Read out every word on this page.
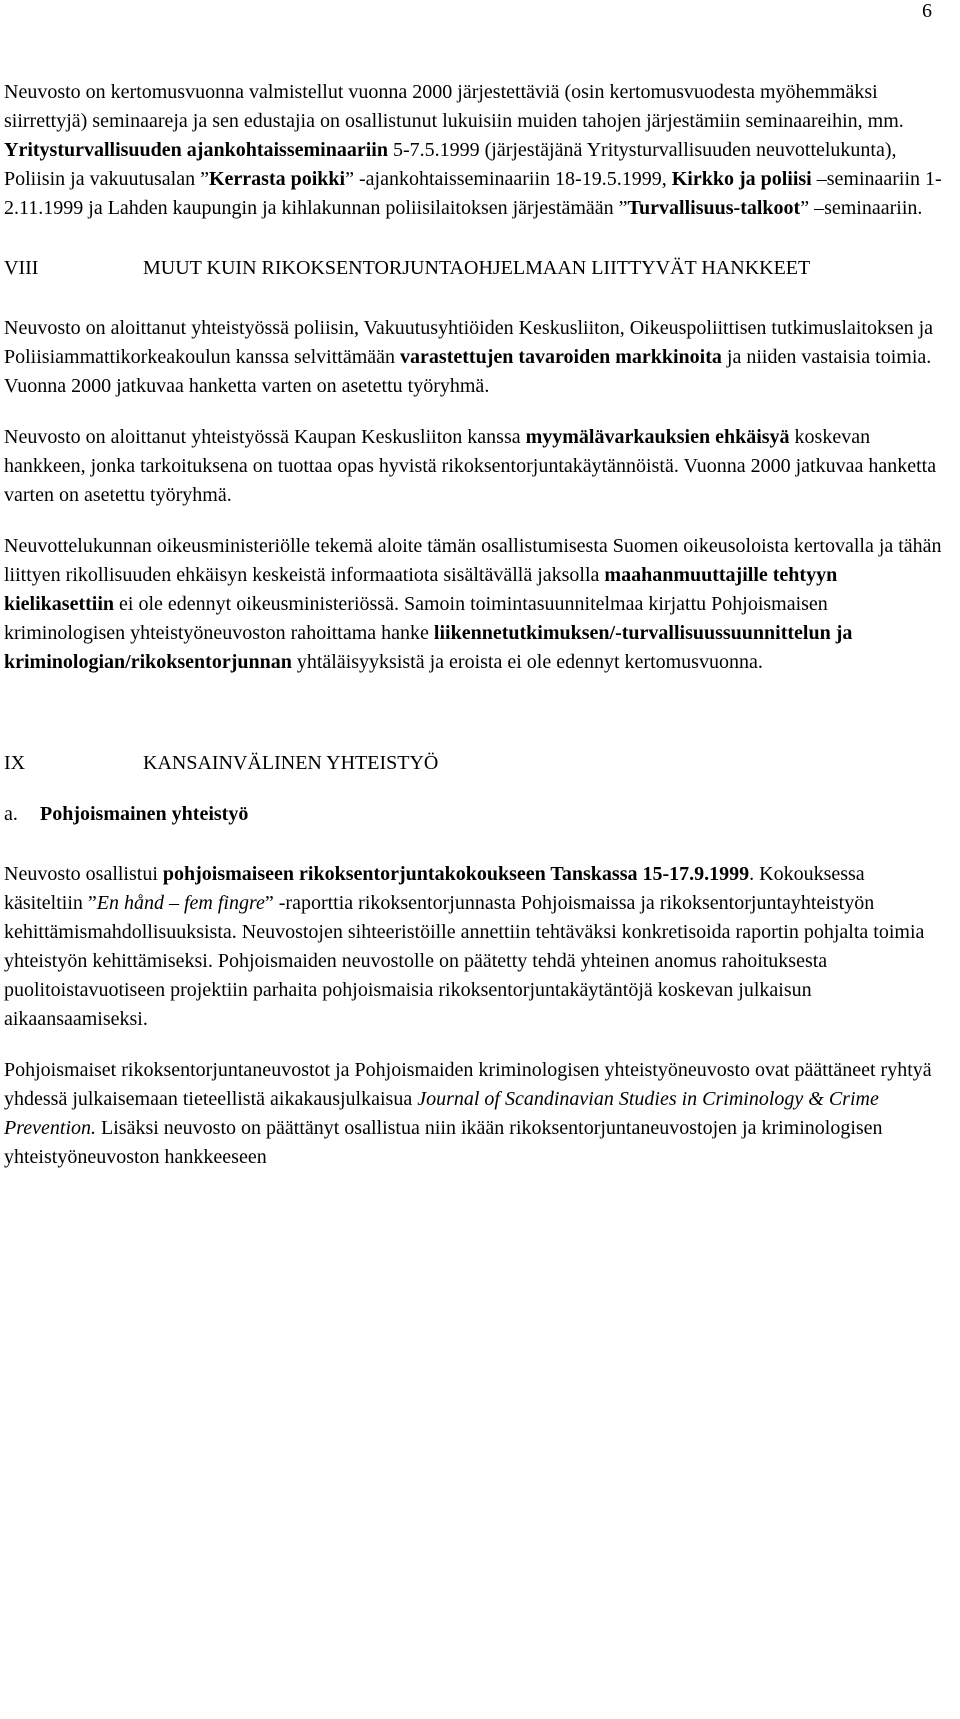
6

Neuvosto on kertomusvuonna valmistellut vuonna 2000 järjestettäviä (osin kertomusvuodesta myöhemmäksi siirrettyjä) seminaareja ja sen edustajia on osallistunut lukuisiin muiden tahojen järjestämiin seminaareihin, mm. Yritysturvallisuuden ajankohtaisseminaariin 5-7.5.1999 (järjestäjänä Yritysturvallisuuden neuvottelukunta), Poliisin ja vakuutusalan ”Kerrasta poikki” -ajankohtaisseminaariin 18-19.5.1999, Kirkko ja poliisi –seminaariin 1-2.11.1999 ja Lahden kaupungin ja kihlakunnan poliisilaitoksen järjestämään ”Turvallisuus-talkoot” –seminaariin.

VIII	MUUT KUIN RIKOKSENTORJUNTAOHJELMAAN LIITTYVÄT HANKKEET

Neuvosto on aloittanut yhteistyössä poliisin, Vakuutusyhtiöiden Keskusliiton, Oikeuspoliittisen tutkimuslaitoksen ja Poliisiammattikorkeakoulun kanssa selvittämään varastettujen tavaroiden markkinoita ja niiden vastaisia toimia. Vuonna 2000 jatkuvaa hanketta varten on asetettu työryhmä.

Neuvosto on aloittanut yhteistyössä Kaupan Keskusliiton kanssa myymälävarkauksien ehkäisyä koskevan hankkeen, jonka tarkoituksena on tuottaa opas hyvistä rikoksentorjuntakäytännöistä. Vuonna 2000 jatkuvaa hanketta varten on asetettu työryhmä.

Neuvottelukunnan oikeusministeriölle tekemä aloite tämän osallistumisesta Suomen oikeusoloista kertovalla ja tähän liittyen rikollisuuden ehkäisyn keskeistä informaatiota sisältävällä jaksolla maahanmuuttajille tehtyyn kielikasettiin ei ole edennyt oikeusministeriössä. Samoin toimintasuunnitelmaa kirjattu Pohjoismaisen kriminologisen yhteistyöneuvoston rahoittama hanke liikennetutkimuksen/-turvallisuussuunnittelun ja kriminologian/rikoksentorjunnan yhtäläisyyksistä ja eroista ei ole edennyt kertomusvuonna.

IX	KANSAINVÄLINEN YHTEISTYÖ
a.	Pohjoismainen yhteistyö

Neuvosto osallistui pohjoismaiseen rikoksentorjuntakokoukseen Tanskassa 15-17.9.1999. Kokouksessa käsiteltiin ”En hånd – fem fingre” -raporttia rikoksentorjunnasta Pohjoismaissa ja rikoksentorjuntayhteistyön kehittämismahdollisuuksista. Neuvostojen sihteeristöille annettiin tehtäväksi konkretisoida raportin pohjalta toimia yhteistyön kehittämiseksi. Pohjoismaiden neuvostolle on päätetty tehdä yhteinen anomus rahoituksesta puolitoistavuotiseen projektiin parhaita pohjoismaisia rikoksentorjuntakäytäntöjä koskevan julkaisun aikaansaamiseksi.

Pohjoismaiset rikoksentorjuntaneuvostot ja Pohjoismaiden kriminologisen yhteistyöneuvosto ovat päättäneet ryhtyä yhdessä julkaisemaan tieteellistä aikakausjulkaisua Journal of Scandinavian Studies in Criminology & Crime Prevention. Lisäksi neuvosto on päättänyt osallistua niin ikään rikoksentorjuntaneuvostojen ja kriminologisen yhteistyöneuvoston hankkeeseen
